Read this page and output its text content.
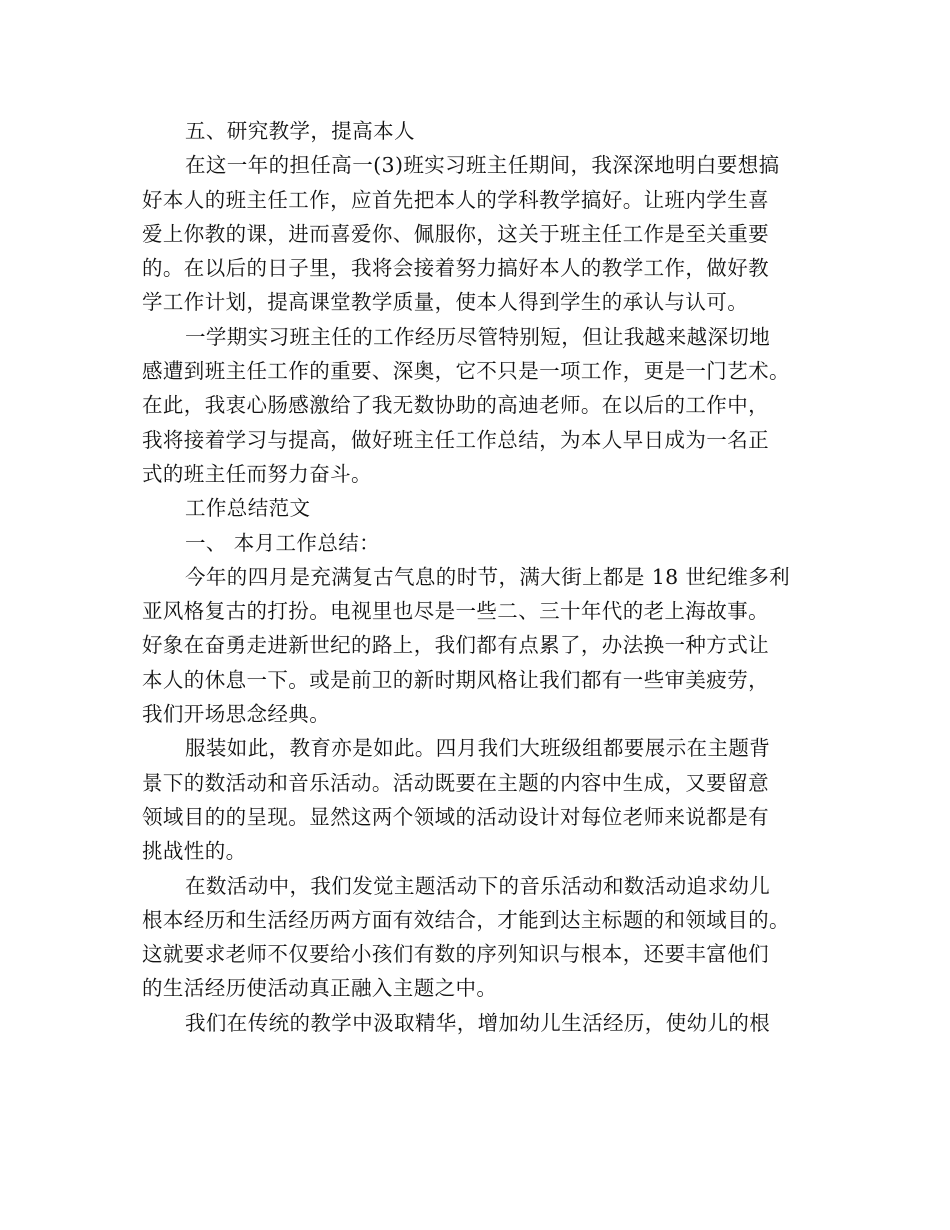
五、研究教学，提高本人
在这一年的担任高一(3)班实习班主任期间，我深深地明白要想搞
好本人的班主任工作，应首先把本人的学科教学搞好。让班内学生喜
爱上你教的课，进而喜爱你、佩服你，这关于班主任工作是至关重要
的。在以后的日子里，我将会接着努力搞好本人的教学工作，做好教
学工作计划，提高课堂教学质量，使本人得到学生的承认与认可。
一学期实习班主任的工作经历尽管特别短，但让我越来越深切地
感遭到班主任工作的重要、深奥，它不只是一项工作，更是一门艺术。
在此，我衷心肠感激给了我无数协助的高迪老师。在以后的工作中，
我将接着学习与提高，做好班主任工作总结，为本人早日成为一名正
式的班主任而努力奋斗。
工作总结范文
一、 本月工作总结：
今年的四月是充满复古气息的时节，满大街上都是 18 世纪维多利
亚风格复古的打扮。电视里也尽是一些二、三十年代的老上海故事。
好象在奋勇走进新世纪的路上，我们都有点累了，办法换一种方式让
本人的休息一下。或是前卫的新时期风格让我们都有一些审美疲劳，
我们开场思念经典。
服装如此，教育亦是如此。四月我们大班级组都要展示在主题背
景下的数活动和音乐活动。活动既要在主题的内容中生成，又要留意
领域目的的呈现。显然这两个领域的活动设计对每位老师来说都是有
挑战性的。
在数活动中，我们发觉主题活动下的音乐活动和数活动追求幼儿
根本经历和生活经历两方面有效结合，才能到达主标题的和领域目的。
这就要求老师不仅要给小孩们有数的序列知识与根本，还要丰富他们
的生活经历使活动真正融入主题之中。
我们在传统的教学中汲取精华，增加幼儿生活经历，使幼儿的根
